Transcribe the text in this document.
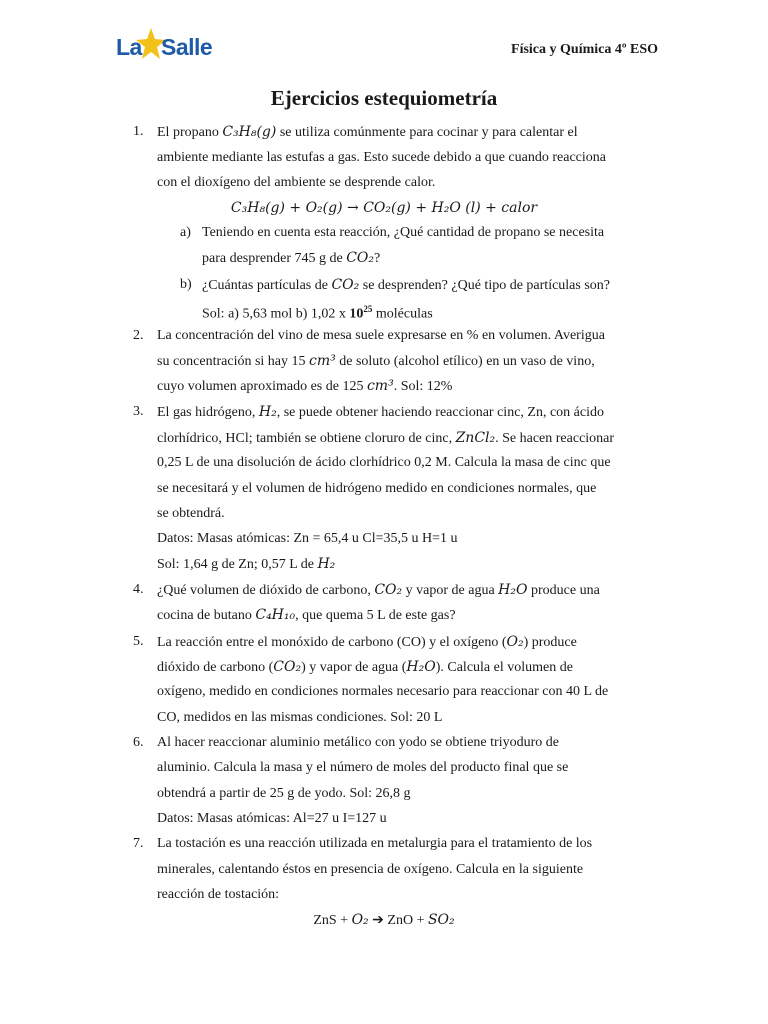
La Salle	Física y Química 4º ESO
Ejercicios estequiometría
1. El propano C₃H₈(g) se utiliza comúnmente para cocinar y para calentar el
ambiente mediante las estufas a gas. Esto sucede debido a que cuando reacciona
con el dioxígeno del ambiente se desprende calor.
C₃H₈(g) + O₂(g) → CO₂(g) + H₂O (l) + calor
a) Teniendo en cuenta esta reacción, ¿Qué cantidad de propano se necesita
para desprender 745 g de CO₂?
b) ¿Cuántas partículas de CO₂ se desprenden? ¿Qué tipo de partículas son?
Sol: a) 5,63 mol b) 1,02 x $10^{25}$ moléculas
2. La concentración del vino de mesa suele expresarse en % en volumen. Averigua
su concentración si hay 15 cm³ de soluto (alcohol etílico) en un vaso de vino,
cuyo volumen aproximado es de 125 cm³. Sol: 12%
3. El gas hidrógeno, H₂, se puede obtener haciendo reaccionar cinc, Zn, con ácido
clorhídrico, HCl; también se obtiene cloruro de cinc, ZnCl₂. Se hacen reaccionar
0,25 L de una disolución de ácido clorhídrico 0,2 M. Calcula la masa de cinc que
se necesitará y el volumen de hidrógeno medido en condiciones normales, que
se obtendrá.
Datos: Masas atómicas: Zn = 65,4 u Cl=35,5 u H=1 u
Sol: 1,64 g de Zn; 0,57 L de H₂
4. ¿Qué volumen de dióxido de carbono, CO₂ y vapor de agua H₂O produce una
cocina de butano C₄H₁₀, que quema 5 L de este gas?
5. La reacción entre el monóxido de carbono (CO) y el oxígeno (O₂) produce
dióxido de carbono (CO₂) y vapor de agua (H₂O). Calcula el volumen de
oxígeno, medido en condiciones normales necesario para reaccionar con 40 L de
CO, medidos en las mismas condiciones. Sol: 20 L
6. Al hacer reaccionar aluminio metálico con yodo se obtiene triyoduro de
aluminio. Calcula la masa y el número de moles del producto final que se
obtendrá a partir de 25 g de yodo. Sol: 26,8 g
Datos: Masas atómicas: Al=27 u I=127 u
7. La tostación es una reacción utilizada en metalurgia para el tratamiento de los
minerales, calentando éstos en presencia de oxígeno. Calcula en la siguiente
reacción de tostación:
ZnS + O₂ ➔ ZnO + SO₂
